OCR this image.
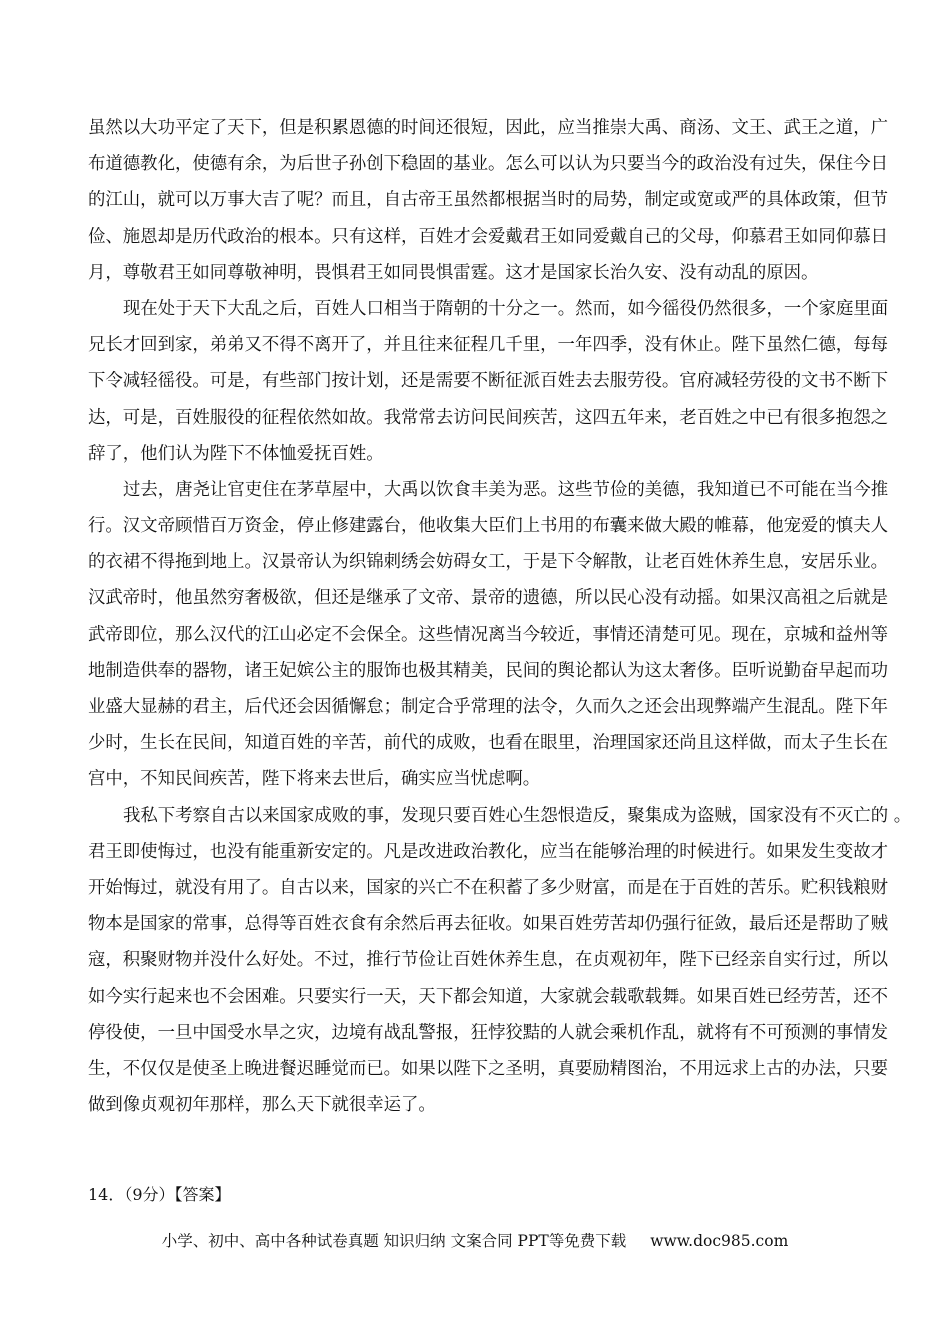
虽然以大功平定了天下，但是积累恩德的时间还很短，因此，应当推崇大禹、商汤、文王、武王之道，广
布道德教化，使德有余，为后世子孙创下稳固的基业。怎么可以认为只要当今的政治没有过失，保住今日
的江山，就可以万事大吉了呢？而且，自古帝王虽然都根据当时的局势，制定或宽或严的具体政策，但节
俭、施恩却是历代政治的根本。只有这样，百姓才会爱戴君王如同爱戴自己的父母，仰慕君王如同仰慕日
月，尊敬君王如同尊敬神明，畏惧君王如同畏惧雷霆。这才是国家长治久安、没有动乱的原因。
现在处于天下大乱之后，百姓人口相当于隋朝的十分之一。然而，如今徭役仍然很多，一个家庭里面
兄长才回到家，弟弟又不得不离开了，并且往来征程几千里，一年四季，没有休止。陛下虽然仁德，每每
下令减轻徭役。可是，有些部门按计划，还是需要不断征派百姓去去服劳役。官府减轻劳役的文书不断下
达，可是，百姓服役的征程依然如故。我常常去访问民间疾苦，这四五年来，老百姓之中已有很多抱怨之
辞了，他们认为陛下不体恤爱抚百姓。
过去，唐尧让官吏住在茅草屋中，大禹以饮食丰美为恶。这些节俭的美德，我知道已不可能在当今推
行。汉文帝顾惜百万资金，停止修建露台，他收集大臣们上书用的布囊来做大殿的帷幕，他宠爱的慎夫人
的衣裙不得拖到地上。汉景帝认为织锦刺绣会妨碍女工，于是下令解散，让老百姓休养生息，安居乐业。
汉武帝时，他虽然穷奢极欲，但还是继承了文帝、景帝的遗德，所以民心没有动摇。如果汉高祖之后就是
武帝即位，那么汉代的江山必定不会保全。这些情况离当今较近，事情还清楚可见。现在，京城和益州等
地制造供奉的器物，诸王妃嫔公主的服饰也极其精美，民间的舆论都认为这太奢侈。臣听说勤奋早起而功
业盛大显赫的君主，后代还会因循懈怠；制定合乎常理的法令，久而久之还会出现弊端产生混乱。陛下年
少时，生长在民间，知道百姓的辛苦，前代的成败，也看在眼里，治理国家还尚且这样做，而太子生长在
宫中，不知民间疾苦，陛下将来去世后，确实应当忧虑啊。
我私下考察自古以来国家成败的事，发现只要百姓心生怨恨造反，聚集成为盗贼，国家没有不灭亡的 。
君王即使悔过，也没有能重新安定的。凡是改进政治教化，应当在能够治理的时候进行。如果发生变故才
开始悔过，就没有用了。自古以来，国家的兴亡不在积蓄了多少财富，而是在于百姓的苦乐。贮积钱粮财
物本是国家的常事，总得等百姓衣食有余然后再去征收。如果百姓劳苦却仍强行征敛，最后还是帮助了贼
寇，积聚财物并没什么好处。不过，推行节俭让百姓休养生息，在贞观初年，陛下已经亲自实行过，所以
如今实行起来也不会困难。只要实行一天，天下都会知道，大家就会载歌载舞。如果百姓已经劳苦，还不
停役使，一旦中国受水旱之灾，边境有战乱警报，狂悖狡黠的人就会乘机作乱，就将有不可预测的事情发
生，不仅仅是使圣上晚进餐迟睡觉而已。如果以陛下之圣明，真要励精图治，不用远求上古的办法，只要
做到像贞观初年那样，那么天下就很幸运了。
14．（9分）【答案】
小学、初中、高中各种试卷真题 知识归纳 文案合同 PPT等免费下载 www.doc985.com
